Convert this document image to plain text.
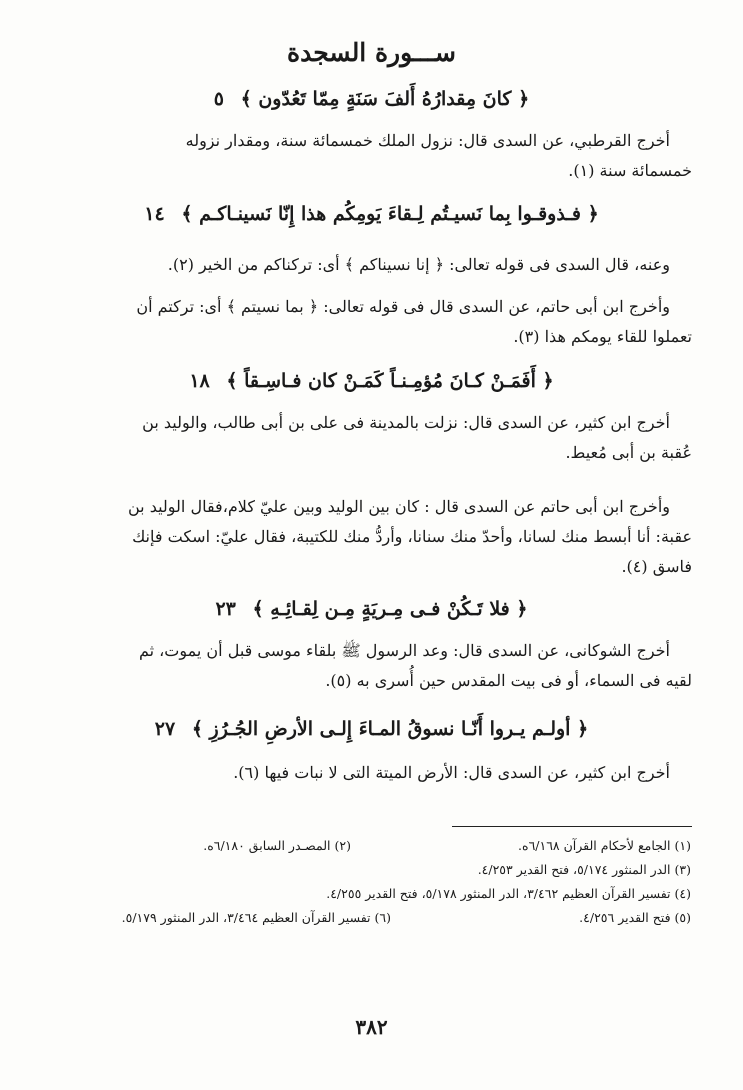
ســـورة السجدة
﴿ كانَ مِقدارُهُ أَلفَ سَنَةٍ مِمّا تَعُدّون ﴾ ٥
أخرج القرطبي، عن السدى قال: نزول الملك خمسمائة سنة، ومقدار نزوله
خمسمائة سنة (١).
﴿ فـذوقـوا بِما نَسيـتُم لِـقاءَ يَومِكُم هذا إِنّا نَسينـاكـم ﴾ ١٤
وعنه، قال السدى فى قوله تعالى: ﴿ إنا نسيناكم ﴾ أى: تركناكم من الخير (٢).
وأخرج ابن أبى حاتم، عن السدى قال فى قوله تعالى: ﴿ بما نسيتم ﴾ أى: تركتم أن
تعملوا للقاء يومكم هذا (٣).
﴿ أَفَمَـنْ كـانَ مُؤمِـنـاً كَمَـنْ كان فـاسِـقاً ﴾ ١٨
أخرج ابن كثير، عن السدى قال: نزلت بالمدينة فى على بن أبى طالب، والوليد بن
عُقبة بن أبى مُعيط.
وأخرج ابن أبى حاتم عن السدى قال : كان بين الوليد وبين عليّ كلام،فقال الوليد بن
عقبة: أنا أبسط منك لسانا، وأحدّ منك سنانا، وأردُّ منك للكتيبة، فقال عليّ: اسكت فإنك
فاسق (٤).
﴿ فلا تَـكُنْ فـى مِـريَةٍ مِـن لِقـائِـهِ ﴾ ٢٣
أخرج الشوكانى، عن السدى قال: وعد الرسول ﷺ بلقاء موسى قبل أن يموت، ثم
لقيه فى السماء، أو فى بيت المقدس حين أُسرى به (٥).
﴿ أولـم يـروا أَنّـا نسوقُ المـاءَ إِلـى الأرضِ الجُـرُزِ ﴾ ٢٧
أخرج ابن كثير، عن السدى قال: الأرض الميتة التى لا نبات فيها (٦).
(١) الجامع لأحكام القرآن ٦/١٦٨ه.
(٢) المصـدر السابق ٦/١٨٠ه.
(٣) الدر المنثور ٥/١٧٤، فتح القدير ٤/٢٥٣.
(٤) تفسير القرآن العظيم ٣/٤٦٢، الدر المنثور ٥/١٧٨، فتح القدير ٤/٢٥٥.
(٥) فتح القدير ٤/٢٥٦.
(٦) تفسير القرآن العظيم ٣/٤٦٤، الدر المنثور ٥/١٧٩.
٣٨٢
